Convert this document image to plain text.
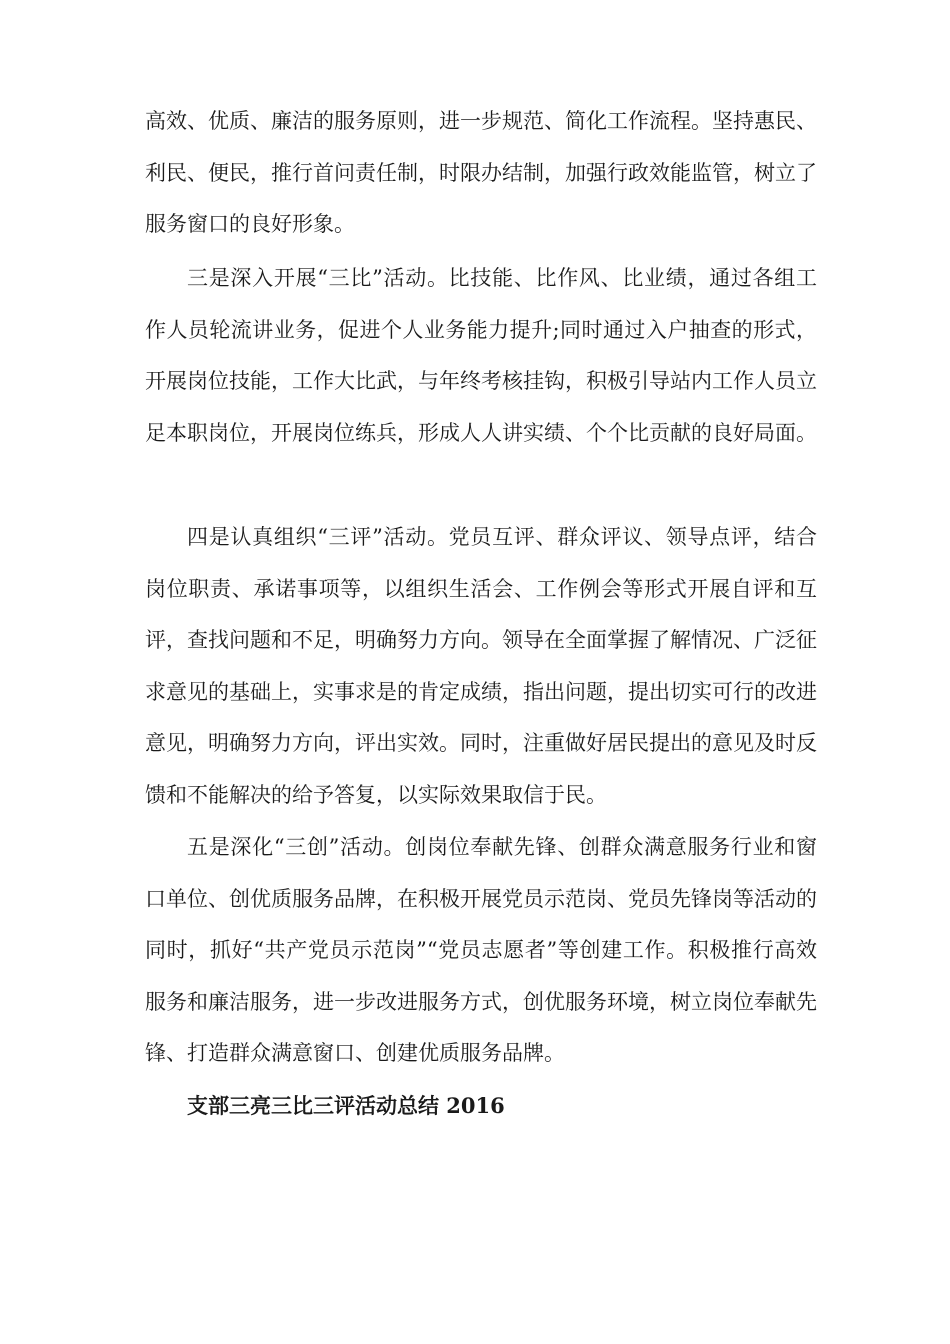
高效、优质、廉洁的服务原则，进一步规范、简化工作流程。坚持惠民、利民、便民，推行首问责任制，时限办结制，加强行政效能监管，树立了服务窗口的良好形象。

三是深入开展“三比”活动。比技能、比作风、比业绩，通过各组工作人员轮流讲业务，促进个人业务能力提升;同时通过入户抽查的形式，开展岗位技能，工作大比武，与年终考核挂钩，积极引导站内工作人员立足本职岗位，开展岗位练兵，形成人人讲实绩、个个比贡献的良好局面。

四是认真组织“三评”活动。党员互评、群众评议、领导点评，结合岗位职责、承诺事项等，以组织生活会、工作例会等形式开展自评和互评，查找问题和不足，明确努力方向。领导在全面掌握了解情况、广泛征求意见的基础上，实事求是的肯定成绩，指出问题，提出切实可行的改进意见，明确努力方向，评出实效。同时，注重做好居民提出的意见及时反馈和不能解决的给予答复，以实际效果取信于民。

五是深化“三创”活动。创岗位奉献先锋、创群众满意服务行业和窗口单位、创优质服务品牌，在积极开展党员示范岗、党员先锋岗等活动的同时，抓好“共产党员示范岗”“党员志愿者”等创建工作。积极推行高效服务和廉洁服务，进一步改进服务方式，创优服务环境，树立岗位奉献先锋、打造群众满意窗口、创建优质服务品牌。

支部三亮三比三评活动总结 2016
